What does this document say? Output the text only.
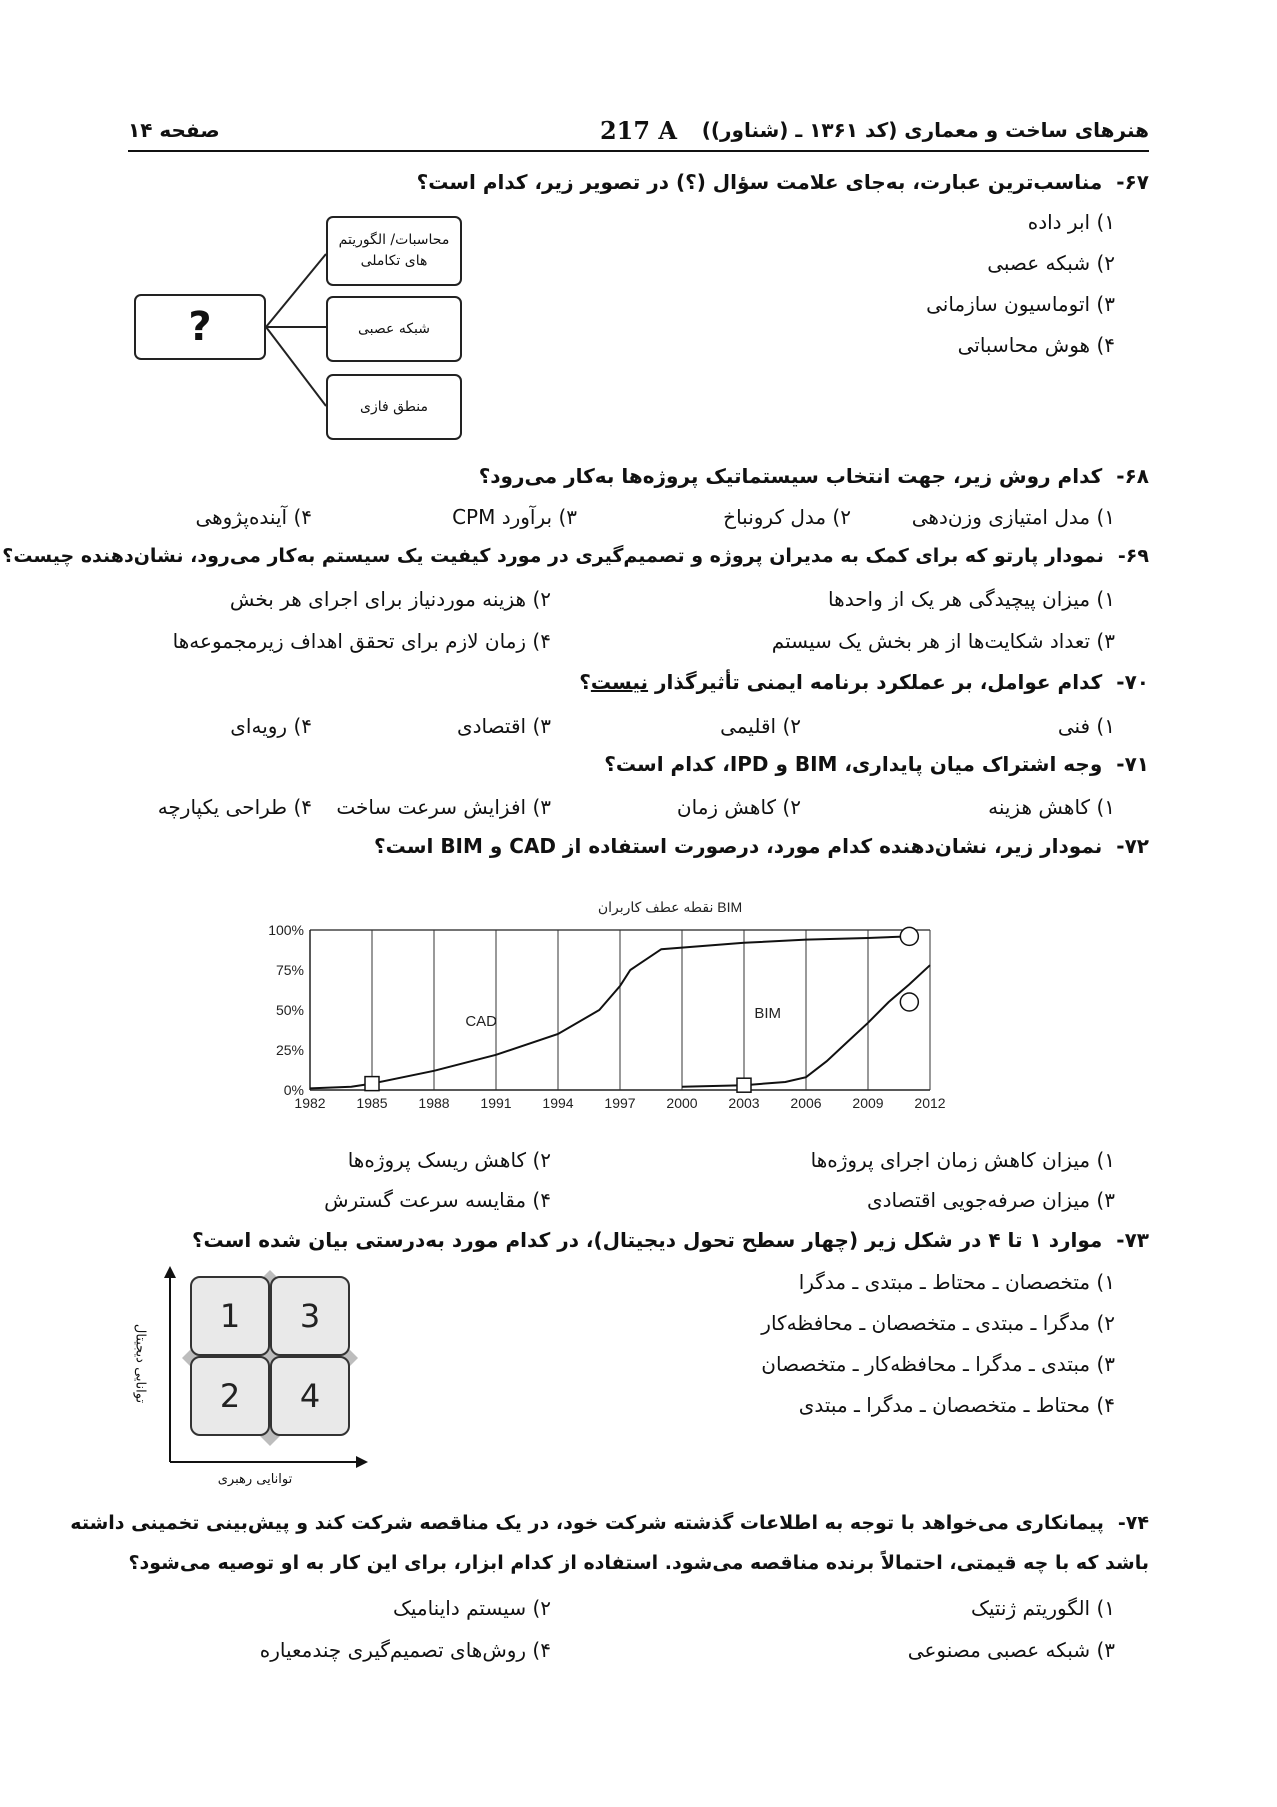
هنرهای ساخت و معماری (کد ۱۳۶۱ ـ (شناور))
217 A
صفحه ۱۴
۶۷-مناسب‌ترین عبارت، به‌جای علامت سؤال (؟) در تصویر زیر، کدام است؟
۱) ابر داده
۲) شبکه عصبی
۳) اتوماسیون سازمانی
۴) هوش محاسباتی
?
محاسبات/ الگوریتم
های تکاملی
شبکه عصبی
منطق فازی
۶۸-کدام روش زیر، جهت انتخاب سیستماتیک پروژه‌ها به‌کار می‌رود؟
۱) مدل امتیازی وزن‌دهی
۲) مدل کرونباخ
۳) برآورد CPM
۴) آینده‌پژوهی
۶۹-نمودار پارتو که برای کمک به مدیران پروژه و تصمیم‌گیری در مورد کیفیت یک سیستم به‌کار می‌رود، نشان‌دهنده چیست؟
۱) میزان پیچیدگی هر یک از واحدها
۲) هزینه موردنیاز برای اجرای هر بخش
۳) تعداد شکایت‌ها از هر بخش یک سیستم
۴) زمان لازم برای تحقق اهداف زیرمجموعه‌ها
۷۰-کدام عوامل، بر عملکرد برنامه ایمنی تأثیرگذار نیست؟
۱) فنی
۲) اقلیمی
۳) اقتصادی
۴) رویه‌ای
۷۱-وجه اشتراک میان پایداری، BIM و IPD، کدام است؟
۱) کاهش هزینه
۲) کاهش زمان
۳) افزایش سرعت ساخت
۴) طراحی یکپارچه
۷۲-نمودار زیر، نشان‌دهنده کدام مورد، درصورت استفاده از CAD و BIM است؟
نقطه عطف کاربران BIM
1982 1985 1988 1991 1994 1997 2000 2003 2006 2009 2012
0%
25%
50%
75%
100%
CAD	BIM
۱) میزان کاهش زمان اجرای پروژه‌ها
۲) کاهش ریسک پروژه‌ها
۳) میزان صرفه‌جویی اقتصادی
۴) مقایسه سرعت گسترش
۷۳-موارد ۱ تا ۴ در شکل زیر (چهار سطح تحول دیجیتال)، در کدام مورد به‌درستی بیان شده است؟
۱) متخصصان ـ محتاط ـ مبتدی ـ مدگرا
۲) مدگرا ـ مبتدی ـ متخصصان ـ محافظه‌کار
۳) مبتدی ـ مدگرا ـ محافظه‌کار ـ متخصصان
۴) محتاط ـ متخصصان ـ مدگرا ـ مبتدی
1	3
2	4
توانایی دیجیتال
توانایی رهبری
۷۴-پیمانکاری می‌خواهد با توجه به اطلاعات گذشته شرکت خود، در یک مناقصه شرکت کند و پیش‌بینی تخمینی داشته
باشد که با چه قیمتی، احتمالاً برنده مناقصه می‌شود. استفاده از کدام ابزار، برای این کار به او توصیه می‌شود؟
۱) الگوریتم ژنتیک
۲) سیستم داینامیک
۳) شبکه عصبی مصنوعی
۴) روش‌های تصمیم‌گیری چندمعیاره
